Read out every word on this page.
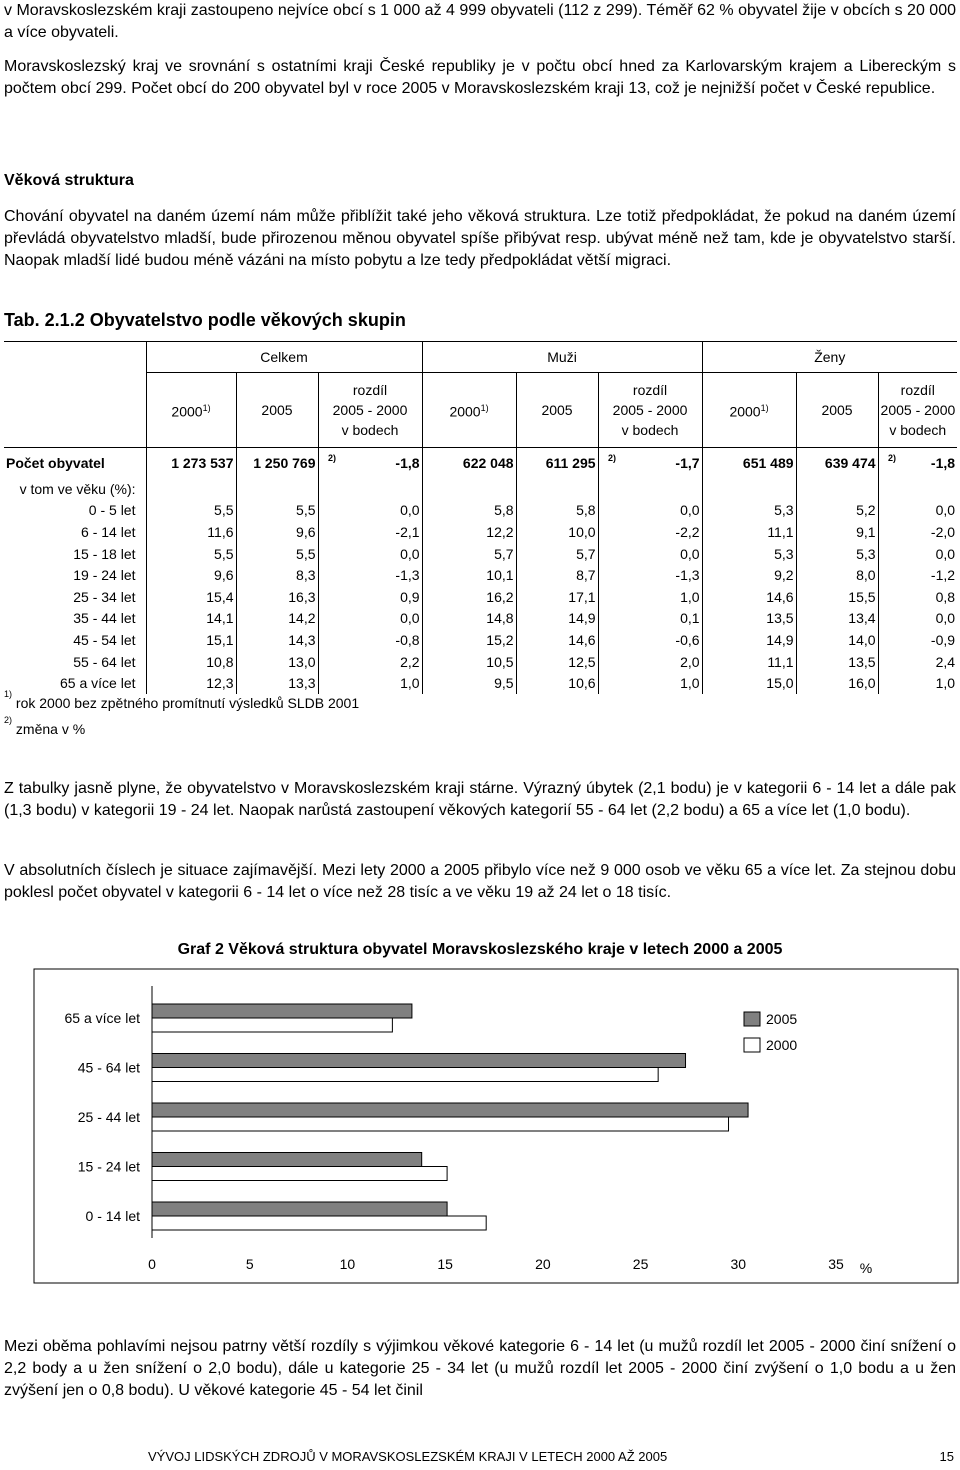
v Moravskoslezském kraji zastoupeno nejvíce obcí s 1 000 až 4 999 obyvateli (112 z 299). Téměř 62 % obyvatel žije v obcích s 20 000 a více obyvateli.

Moravskoslezský kraj ve srovnání s ostatními kraji České republiky je v počtu obcí hned za Karlovarským krajem a Libereckým s počtem obcí 299. Počet obcí do 200 obyvatel byl v roce 2005 v Moravskoslezském kraji 13, což je nejnižší počet v České republice.

Věková struktura

Chování obyvatel na daném území nám může přiblížit také jeho věková struktura. Lze totiž předpokládat, že pokud na daném území převládá obyvatelstvo mladší, bude přirozenou měnou obyvatel spíše přibývat resp. ubývat méně než tam, kde je obyvatelstvo starší. Naopak mladší lidé budou méně vázáni na místo pobytu a lze tedy předpokládat větší migraci.

Tab. 2.1.2 Obyvatelstvo podle věkových skupin

	Celkem				Muži				Ženy			
	2000$^{1)}$	2005	rozdíl
2005 - 2000
v bodech		2000$^{1)}$	2005	rozdíl
2005 - 2000
v bodech		2000$^{1)}$	2005	rozdíl
2005 - 2000
v bodech	
Počet obyvatel	1 273 537	1 250 769	2)	-1,8	622 048	611 295	2)	-1,7	651 489	639 474	2)	-1,8
v tom ve věku (%):												
0 - 5 let	5,5	5,5		0,0	5,8	5,8		0,0	5,3	5,2		0,0
6 - 14 let	11,6	9,6		-2,1	12,2	10,0		-2,2	11,1	9,1		-2,0
15 - 18 let	5,5	5,5		0,0	5,7	5,7		0,0	5,3	5,3		0,0
19 - 24 let	9,6	8,3		-1,3	10,1	8,7		-1,3	9,2	8,0		-1,2
25 - 34 let	15,4	16,3		0,9	16,2	17,1		1,0	14,6	15,5		0,8
35 - 44 let	14,1	14,2		0,0	14,8	14,9		0,1	13,5	13,4		0,0
45 - 54 let	15,1	14,3		-0,8	15,2	14,6		-0,6	14,9	14,0		-0,9
55 - 64 let	10,8	13,0		2,2	10,5	12,5		2,0	11,1	13,5		2,4
65 a více let	12,3	13,3		1,0	9,5	10,6		1,0	15,0	16,0		1,0

$^{1)}$ rok 2000 bez zpětného promítnutí výsledků SLDB 2001

$^{2)}$ změna v %

Z tabulky jasně plyne, že obyvatelstvo v Moravskoslezském kraji stárne. Výrazný úbytek (2,1 bodu) je v kategorii 6 - 14 let a dále pak (1,3 bodu) v kategorii 19 - 24 let. Naopak narůstá zastoupení věkových kategorií 55 - 64 let (2,2 bodu) a 65 a více let (1,0 bodu).

V absolutních číslech je situace zajímavější. Mezi lety 2000 a 2005 přibylo více než 9 000 osob ve věku 65 a více let. Za stejnou dobu poklesl počet obyvatel v kategorii 6 - 14 let o více než 28 tisíc a ve věku 19 až 24 let o 18 tisíc.

Graf 2 Věková struktura obyvatel Moravskoslezského kraje v letech 2000 a 2005

65 a více let
45 - 64 let
25 - 44 let
15 - 24 let
0 - 14 let
0	5	10	15	20	25	30	35 %
2005
2000

Mezi oběma pohlavími nejsou patrny větší rozdíly s výjimkou věkové kategorie 6 - 14 let (u mužů rozdíl let 2005 - 2000 činí snížení o 2,2 body a u žen snížení o 2,0 bodu), dále u kategorie 25 - 34 let (u mužů rozdíl let 2005 - 2000 činí zvýšení o 1,0 bodu a u žen zvýšení jen o 0,8 bodu). U věkové kategorie 45 - 54 let činil

VÝVOJ LIDSKÝCH ZDROJŮ V MORAVSKOSLEZSKÉM KRAJI V LETECH 2000 AŽ 2005	15
